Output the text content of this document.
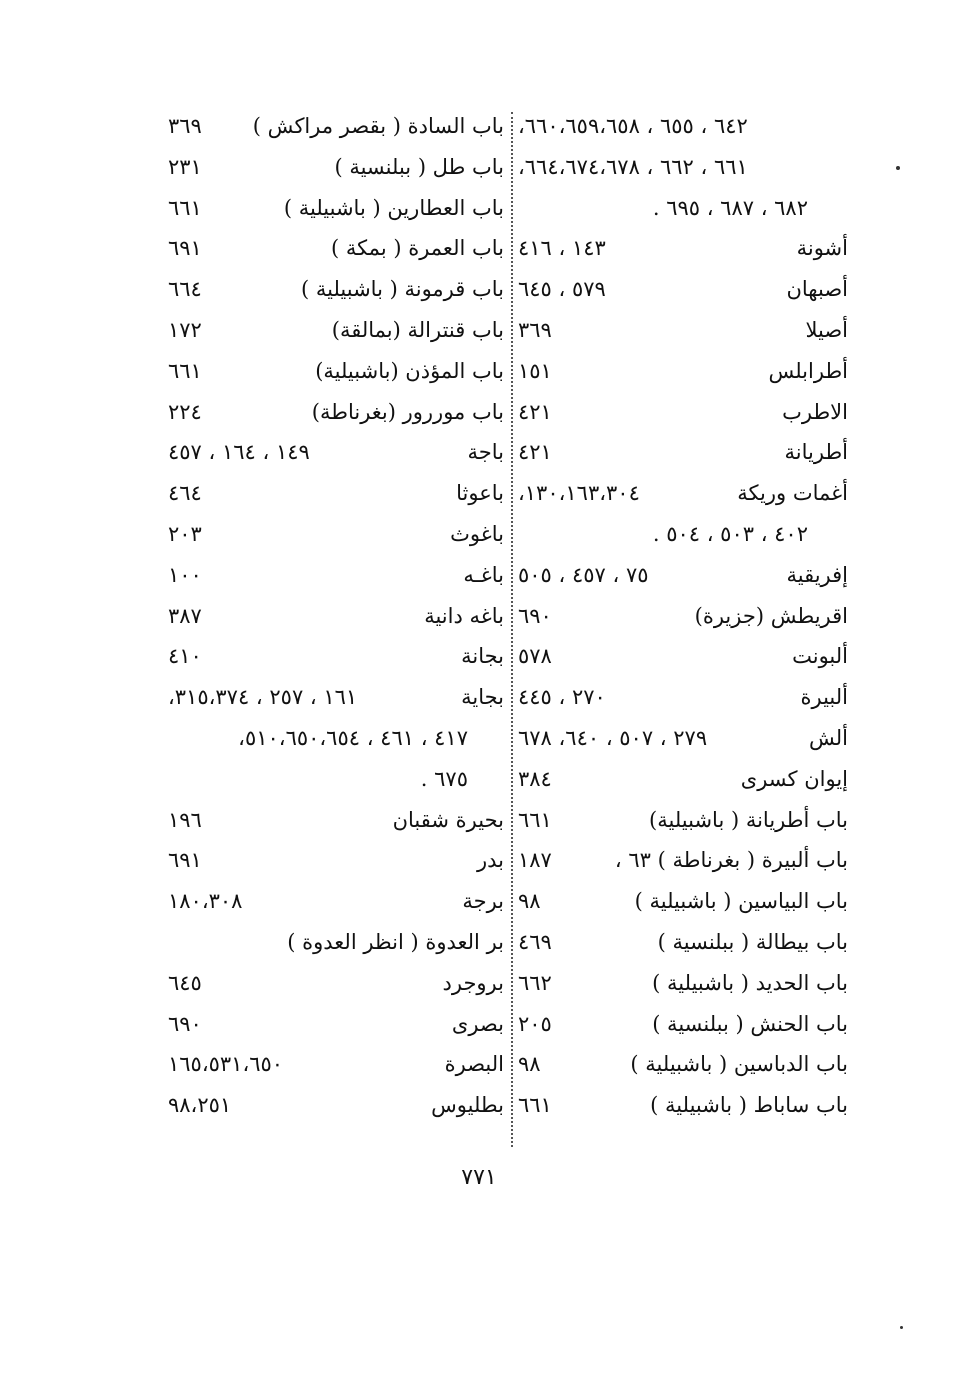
٦٤٢ ، ٦٥٥ ، ٦٦٠،٦٥٩،٦٥٨،
٦٦١ ، ٦٦٢ ، ٦٦٤،٦٧٤،٦٧٨،
٦٨٢ ، ٦٨٧ ، ٦٩٥ .
أشونة
١٤٣ ، ٤١٦
أصبهان
٥٧٩ ، ٦٤٥
أصيلا
٣٦٩
أطرابلس
١٥١
الاطرب
٤٢١
أطريانة
٤٢١
أغمات وريكة
١٣٠،١٦٣،٣٠٤،
٤٠٢ ، ٥٠٣ ، ٥٠٤ .
إفريقية
٧٥ ، ٤٥٧ ، ٥٠٥
اقريطش (جزيرة)
٦٩٠
ألبونت
٥٧٨
ألبيرة
٢٧٠ ، ٤٤٥
ألش
٢٧٩ ، ٥٠٧ ، ٦٤٠، ٦٧٨
إيوان كسرى
٣٨٤
باب أطريانة ( باشبيلية)
٦٦١
باب ألبيرة ( بغرناطة ) ٦٣ ،
١٨٧
باب البياسين ( باشبيلية )
٩٨
باب بيطالة ( ببلنسية )
٤٦٩
باب الحديد ( باشبيلية )
٦٦٢
باب الحنش ( ببلنسية )
٢٠٥
باب الدباسين ( باشبيلية )
٩٨
باب ساباط ( باشبيلية )
٦٦١
باب السادة ( بقصر مراكش )
٣٦٩
باب طل ( ببلنسية )
٢٣١
باب العطارين ( باشبيلية )
٦٦١
باب العمرة ( بمكة )
٦٩١
باب قرمونة ( باشبيلية )
٦٦٤
باب قنترالة (بمالقة)
١٧٢
باب المؤذن (باشبيلية)
٦٦١
باب موررور (بغرناطة)
٢٢٤
باجة
١٤٩ ، ١٦٤ ، ٤٥٧
باعوثا
٤٦٤
باغوث
٢٠٣
باغـه
١٠٠
باغه دانية
٣٨٧
بجانة
٤١٠
بجاية
١٦١ ، ٢٥٧ ، ٣١٥،٣٧٤،
٤١٧ ، ٤٦١ ، ٥١٠،٦٥٠،٦٥٤،
٦٧٥ .
بحيرة شقبان
١٩٦
بدر
٦٩١
برجة
١٨٠،٣٠٨
بر العدوة ( انظر العدوة )
بروجرد
٦٤٥
بصرى
٦٩٠
البصرة
١٦٥،٥٣١،٦٥٠
بطليوس
٩٨،٢٥١
٧٧١
